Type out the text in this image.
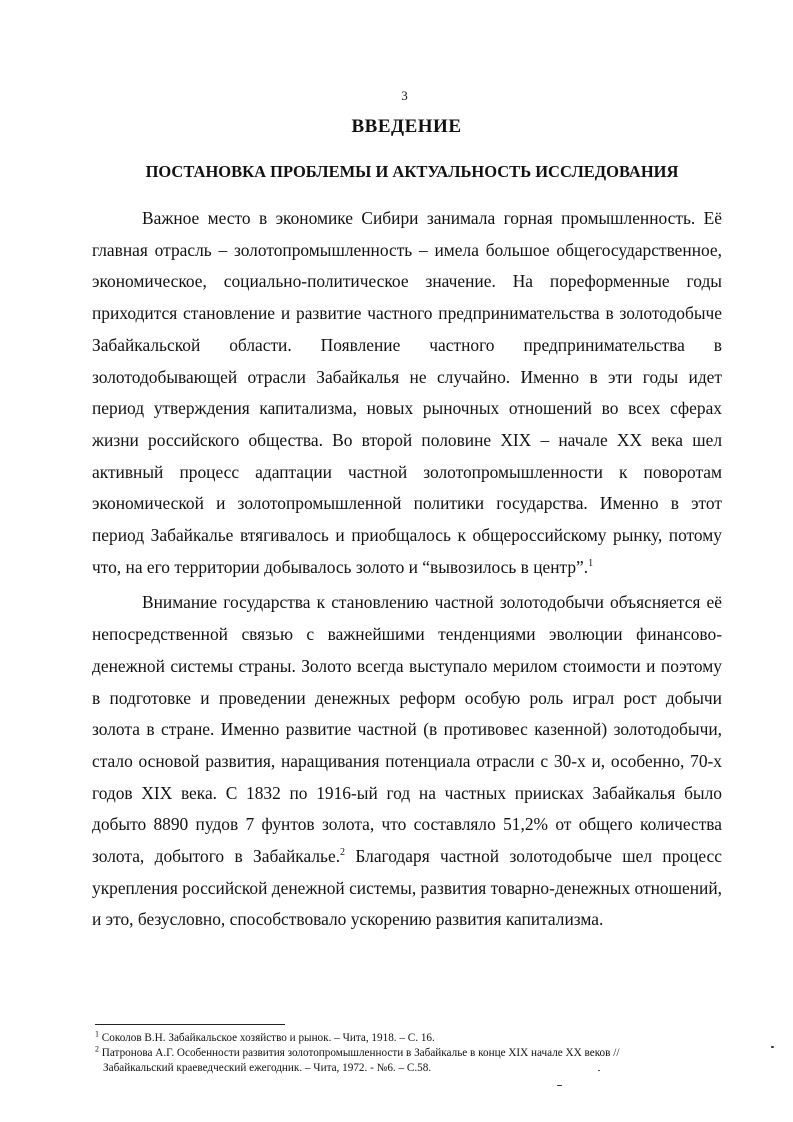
3
ВВЕДЕНИЕ
ПОСТАНОВКА ПРОБЛЕМЫ И АКТУАЛЬНОСТЬ ИССЛЕДОВАНИЯ

Важное место в экономике Сибири занимала горная промышленность. Её главная отрасль – золотопромышленность – имела большое общегосударственное, экономическое, социально-политическое значение. На пореформенные годы приходится становление и развитие частного предпринимательства в золотодобыче Забайкальской области. Появление частного предпринимательства в золотодобывающей отрасли Забайкалья не случайно. Именно в эти годы идет период утверждения капитализма, новых рыночных отношений во всех сферах жизни российского общества. Во второй половине XIX – начале XX века шел активный процесс адаптации частной золотопромышленности к поворотам экономической и золотопромышленной политики государства. Именно в этот период Забайкалье втягивалось и приобщалось к общероссийскому рынку, потому что, на его территории добывалось золото и “вывозилось в центр”.$^1$

Внимание государства к становлению частной золотодобычи объясняется её непосредственной связью с важнейшими тенденциями эволюции финансово-денежной системы страны. Золото всегда выступало мерилом стоимости и поэтому в подготовке и проведении денежных реформ особую роль играл рост добычи золота в стране. Именно развитие частной (в противовес казенной) золотодобычи, стало основой развития, наращивания потенциала отрасли с 30-х и, особенно, 70-х годов XIX века. С 1832 по 1916-ый год на частных приисках Забайкалья было добыто 8890 пудов 7 фунтов золота, что составляло 51,2% от общего количества золота, добытого в Забайкалье.$^2$ Благодаря частной золотодобыче шел процесс укрепления российской денежной системы, развития товарно-денежных отношений, и это, безусловно, способствовало ускорению развития капитализма.

$^1$ Соколов В.Н. Забайкальское хозяйство и рынок. – Чита, 1918. – С. 16.

$^2$ Патронова А.Г. Особенности развития золотопромышленности в Забайкалье в конце XIX начале XX веков //
Забайкальский краеведческий ежегодник. – Чита, 1972. - №6. – С.58.
